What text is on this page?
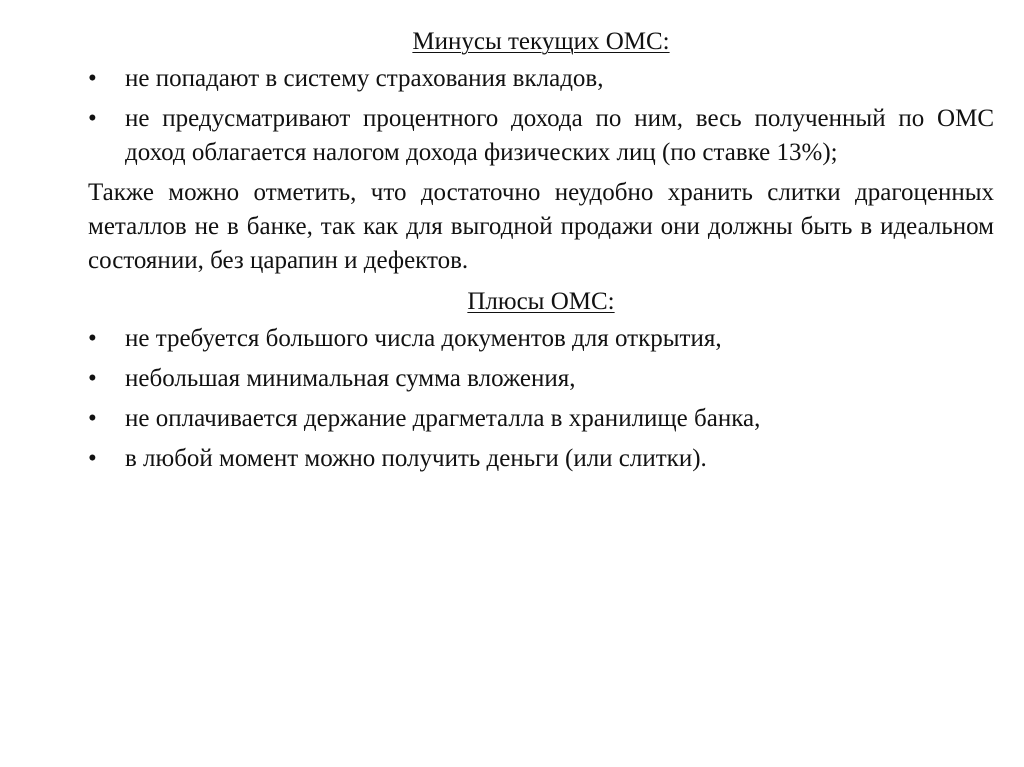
Минусы текущих ОМС:

•	не попадают в систему страхования вкладов,
•	не предусматривают процентного дохода по ним, весь полученный по ОМС доход облагается налогом дохода физических лиц (по ставке 13%);

Также можно отметить, что достаточно неудобно хранить слитки драгоценных металлов не в банке, так как для выгодной продажи они должны быть в идеальном состоянии, без царапин и дефектов.

Плюсы ОМС:

•	не требуется большого числа документов для открытия,
•	небольшая минимальная сумма вложения,
•	не оплачивается держание драгметалла в хранилище банка,
•	в любой момент можно получить деньги (или слитки).
